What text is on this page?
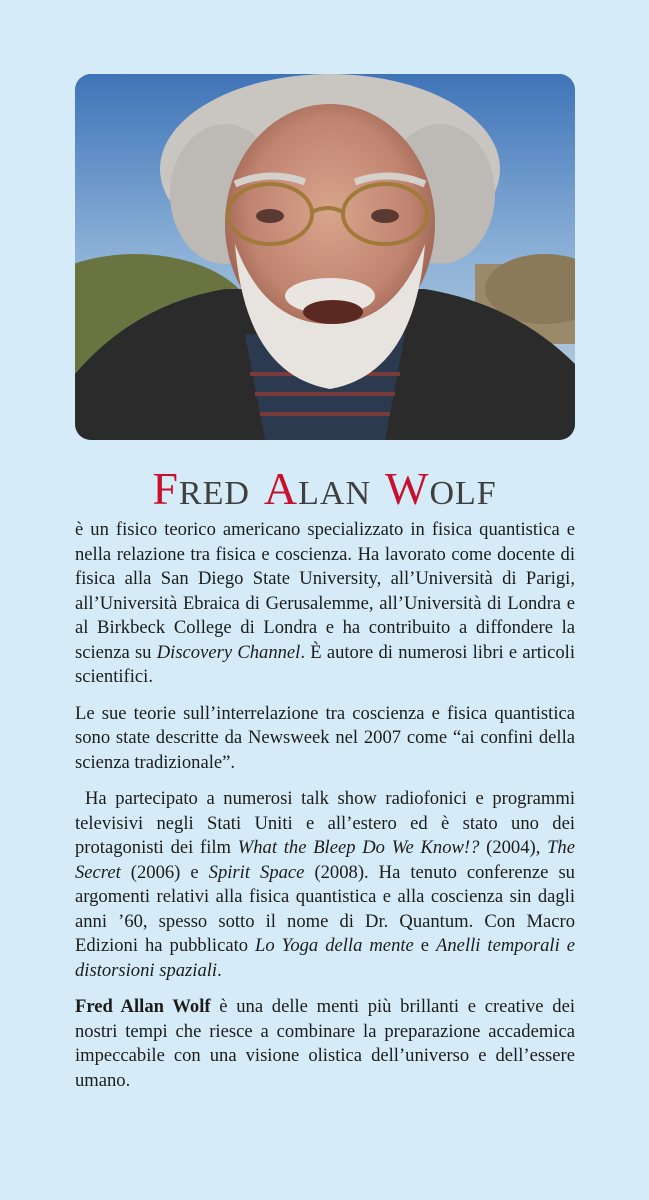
FRED ALAN WOLF

è un fisico teorico americano specializzato in fisica quantistica e nella relazione tra fisica e coscienza. Ha lavorato come docente di fisica alla San Diego State University, all’Università di Parigi, all’Università Ebraica di Gerusalemme, all’Università di Londra e al Birkbeck College di Londra e ha contribuito a diffondere la scienza su Discovery Channel. È autore di numerosi libri e articoli scientifici.

Le sue teorie sull’interrelazione tra coscienza e fisica quantistica sono state descritte da Newsweek nel 2007 come “ai confini della scienza tradizionale”.

Ha partecipato a numerosi talk show radiofonici e programmi televisivi negli Stati Uniti e all’estero ed è stato uno dei protagonisti dei film What the Bleep Do We Know!? (2004), The Secret (2006) e Spirit Space (2008). Ha tenuto conferenze su argomenti relativi alla fisica quantistica e alla coscienza sin dagli anni ’60, spesso sotto il nome di Dr. Quantum. Con Macro Edizioni ha pubblicato Lo Yoga della mente e Anelli temporali e distorsioni spaziali.

Fred Allan Wolf è una delle menti più brillanti e creative dei nostri tempi che riesce a combinare la preparazione accademica impeccabile con una visione olistica dell’universo e dell’essere umano.
